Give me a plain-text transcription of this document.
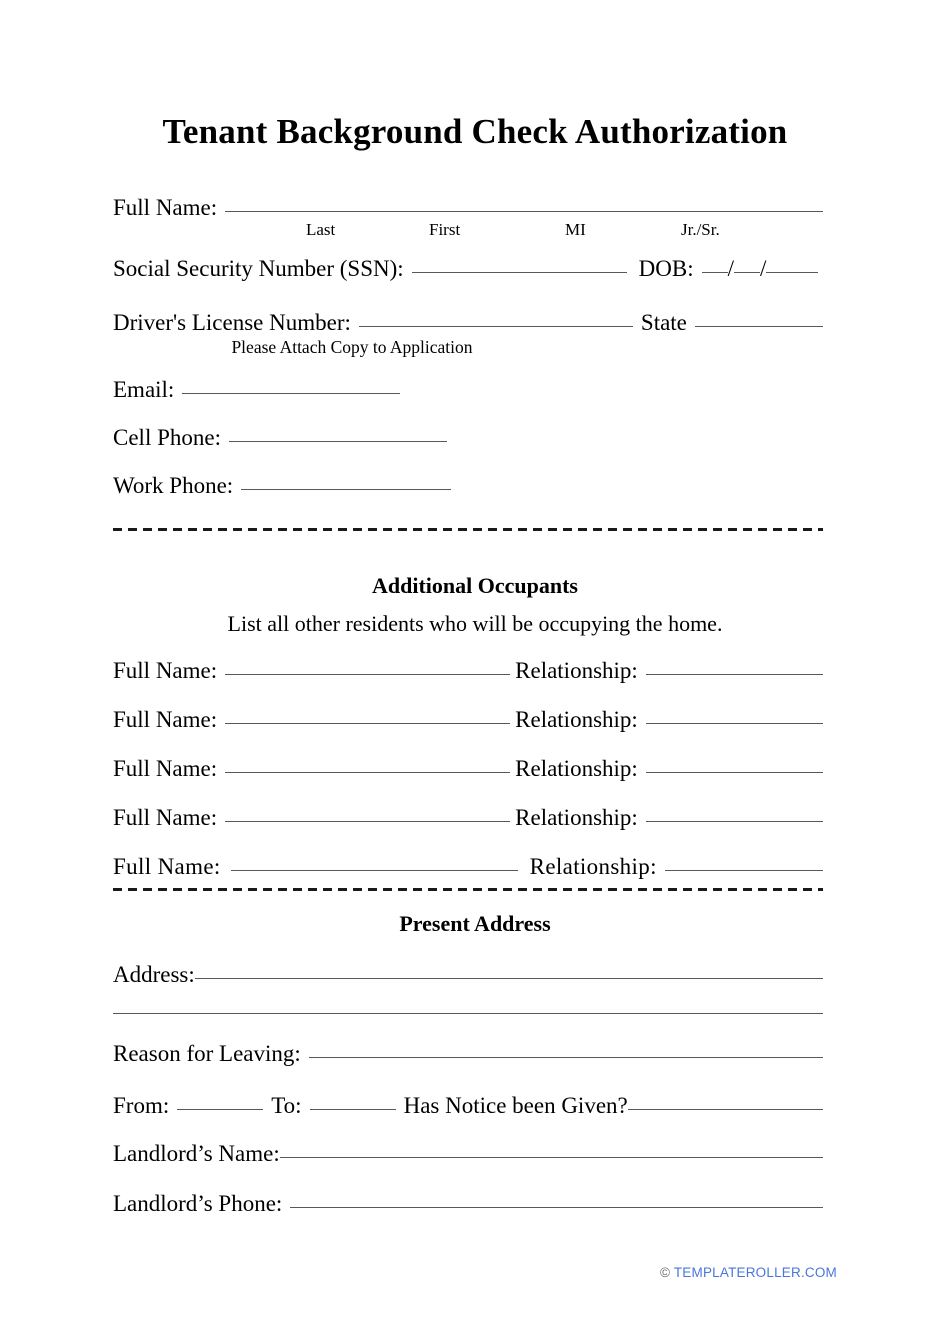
Tenant Background Check Authorization
Full Name:
Last	First	MI	Jr./Sr.
Social Security Number (SSN):	DOB: / /
Driver's License Number:	State
Please Attach Copy to Application
Email:
Cell Phone:
Work Phone:
Additional Occupants
List all other residents who will be occupying the home.
Full Name:	Relationship:
Full Name:	Relationship:
Full Name:	Relationship:
Full Name:	Relationship:
Full Name:	Relationship:
Present Address
Address:
Reason for Leaving:
From:	To:	Has Notice been Given?
Landlord’s Name:
Landlord’s Phone:
© TEMPLATEROLLER.COM
